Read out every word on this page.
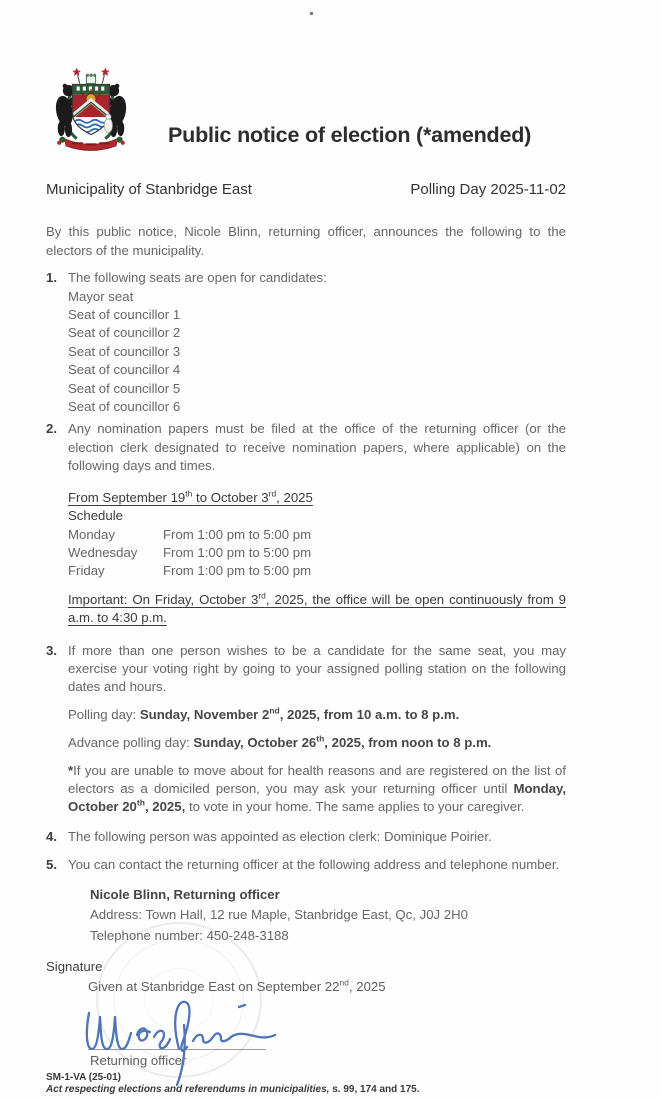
Public notice of election (*amended)
Municipality of Stanbridge East	Polling Day 2025-11-02

By this public notice, Nicole Blinn, returning officer, announces the following to the electors of the municipality.

1. The following seats are open for candidates:
Mayor seat
Seat of councillor 1
Seat of councillor 2
Seat of councillor 3
Seat of councillor 4
Seat of councillor 5
Seat of councillor 6
2. Any nomination papers must be filed at the office of the returning officer (or the election clerk designated to receive nomination papers, where applicable) on the following days and times.
From September 19th to October 3rd, 2025
Schedule
Monday	From 1:00 pm to 5:00 pm
Wednesday	From 1:00 pm to 5:00 pm
Friday	From 1:00 pm to 5:00 pm
Important: On Friday, October 3rd, 2025, the office will be open continuously from 9 a.m. to 4:30 p.m.
3. If more than one person wishes to be a candidate for the same seat, you may exercise your voting right by going to your assigned polling station on the following dates and hours.
Polling day: Sunday, November 2nd, 2025, from 10 a.m. to 8 p.m.
Advance polling day: Sunday, October 26th, 2025, from noon to 8 p.m.
*If you are unable to move about for health reasons and are registered on the list of electors as a domiciled person, you may ask your returning officer until Monday, October 20th, 2025, to vote in your home. The same applies to your caregiver.
4. The following person was appointed as election clerk: Dominique Poirier.
5. You can contact the returning officer at the following address and telephone number.
Nicole Blinn, Returning officer
Address: Town Hall, 12 rue Maple, Stanbridge East, Qc, J0J 2H0
Telephone number: 450-248-3188
Signature
Given at Stanbridge East on September 22nd, 2025
Returning officer
SM-1-VA (25-01)
Act respecting elections and referendums in municipalities, s. 99, 174 and 175.
